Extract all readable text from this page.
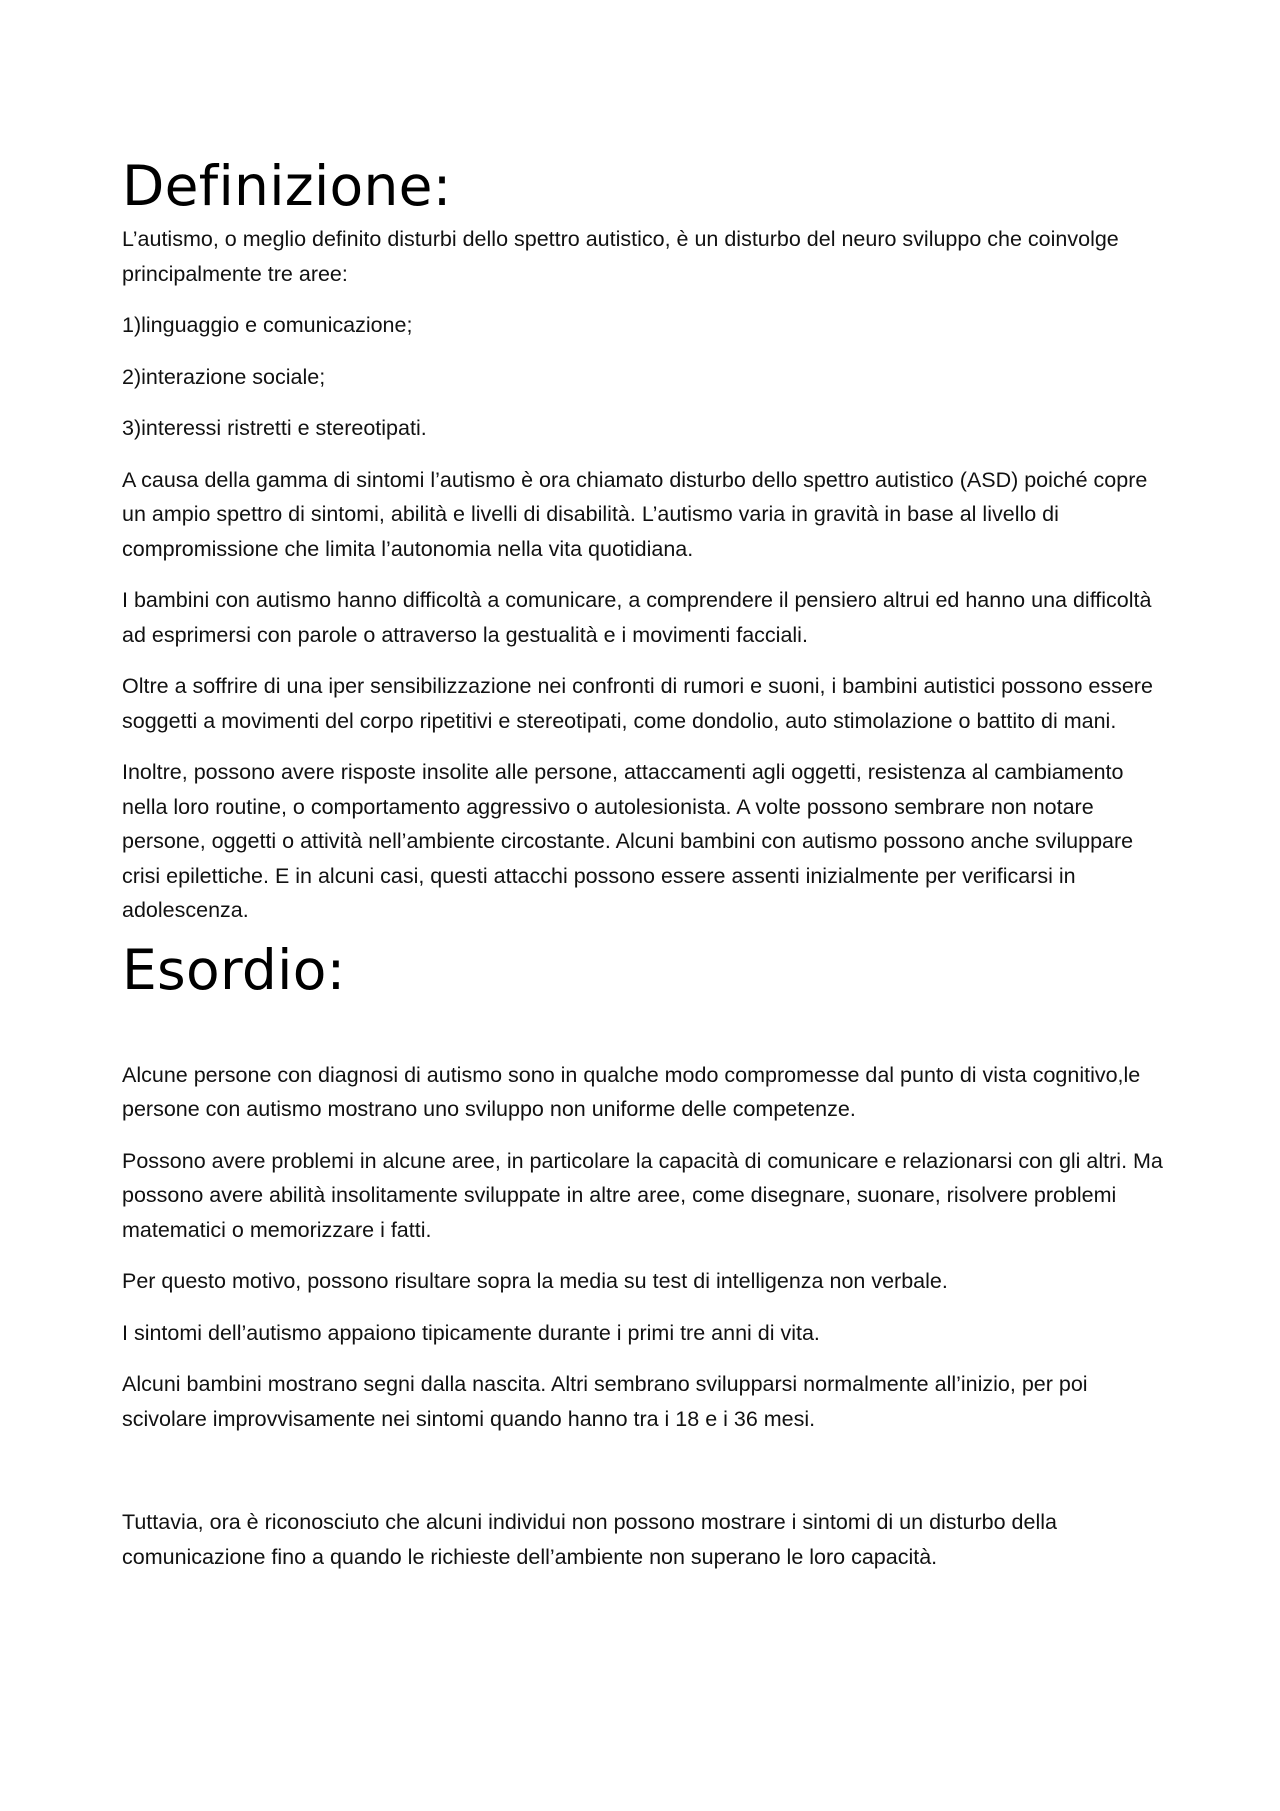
Definizione:

L’autismo, o meglio definito disturbi dello spettro autistico, è un disturbo del neuro sviluppo che coinvolge principalmente tre aree:

1)linguaggio e comunicazione;

2)interazione sociale;

3)interessi ristretti e stereotipati.

A causa della gamma di sintomi l’autismo è ora chiamato disturbo dello spettro autistico (ASD) poiché copre un ampio spettro di sintomi, abilità e livelli di disabilità. L’autismo varia in gravità in base al livello di compromissione che limita l’autonomia nella vita quotidiana.

I bambini con autismo hanno difficoltà a comunicare, a comprendere il pensiero altrui ed hanno una difficoltà ad esprimersi con parole o attraverso la gestualità e i movimenti facciali.

Oltre a soffrire di una iper sensibilizzazione nei confronti di rumori e suoni, i bambini autistici possono essere soggetti a movimenti del corpo ripetitivi e stereotipati, come dondolio, auto stimolazione o battito di mani.

Inoltre, possono avere risposte insolite alle persone, attaccamenti agli oggetti, resistenza al cambiamento nella loro routine, o comportamento aggressivo o autolesionista. A volte possono sembrare non notare persone, oggetti o attività nell’ambiente circostante. Alcuni bambini con autismo possono anche sviluppare crisi epilettiche. E in alcuni casi, questi attacchi possono essere assenti inizialmente per verificarsi in adolescenza.

Esordio:

Alcune persone con diagnosi di autismo sono in qualche modo compromesse dal punto di vista cognitivo,le persone con autismo mostrano uno sviluppo non uniforme delle competenze.

Possono avere problemi in alcune aree, in particolare la capacità di comunicare e relazionarsi con gli altri. Ma possono avere abilità insolitamente sviluppate in altre aree, come disegnare, suonare, risolvere problemi matematici o memorizzare i fatti.

Per questo motivo, possono risultare sopra la media su test di intelligenza non verbale.

I sintomi dell’autismo appaiono tipicamente durante i primi tre anni di vita.

Alcuni bambini mostrano segni dalla nascita. Altri sembrano svilupparsi normalmente all’inizio, per poi scivolare improvvisamente nei sintomi quando hanno tra i 18 e i 36 mesi.

Tuttavia, ora è riconosciuto che alcuni individui non possono mostrare i sintomi di un disturbo della comunicazione fino a quando le richieste dell’ambiente non superano le loro capacità.
